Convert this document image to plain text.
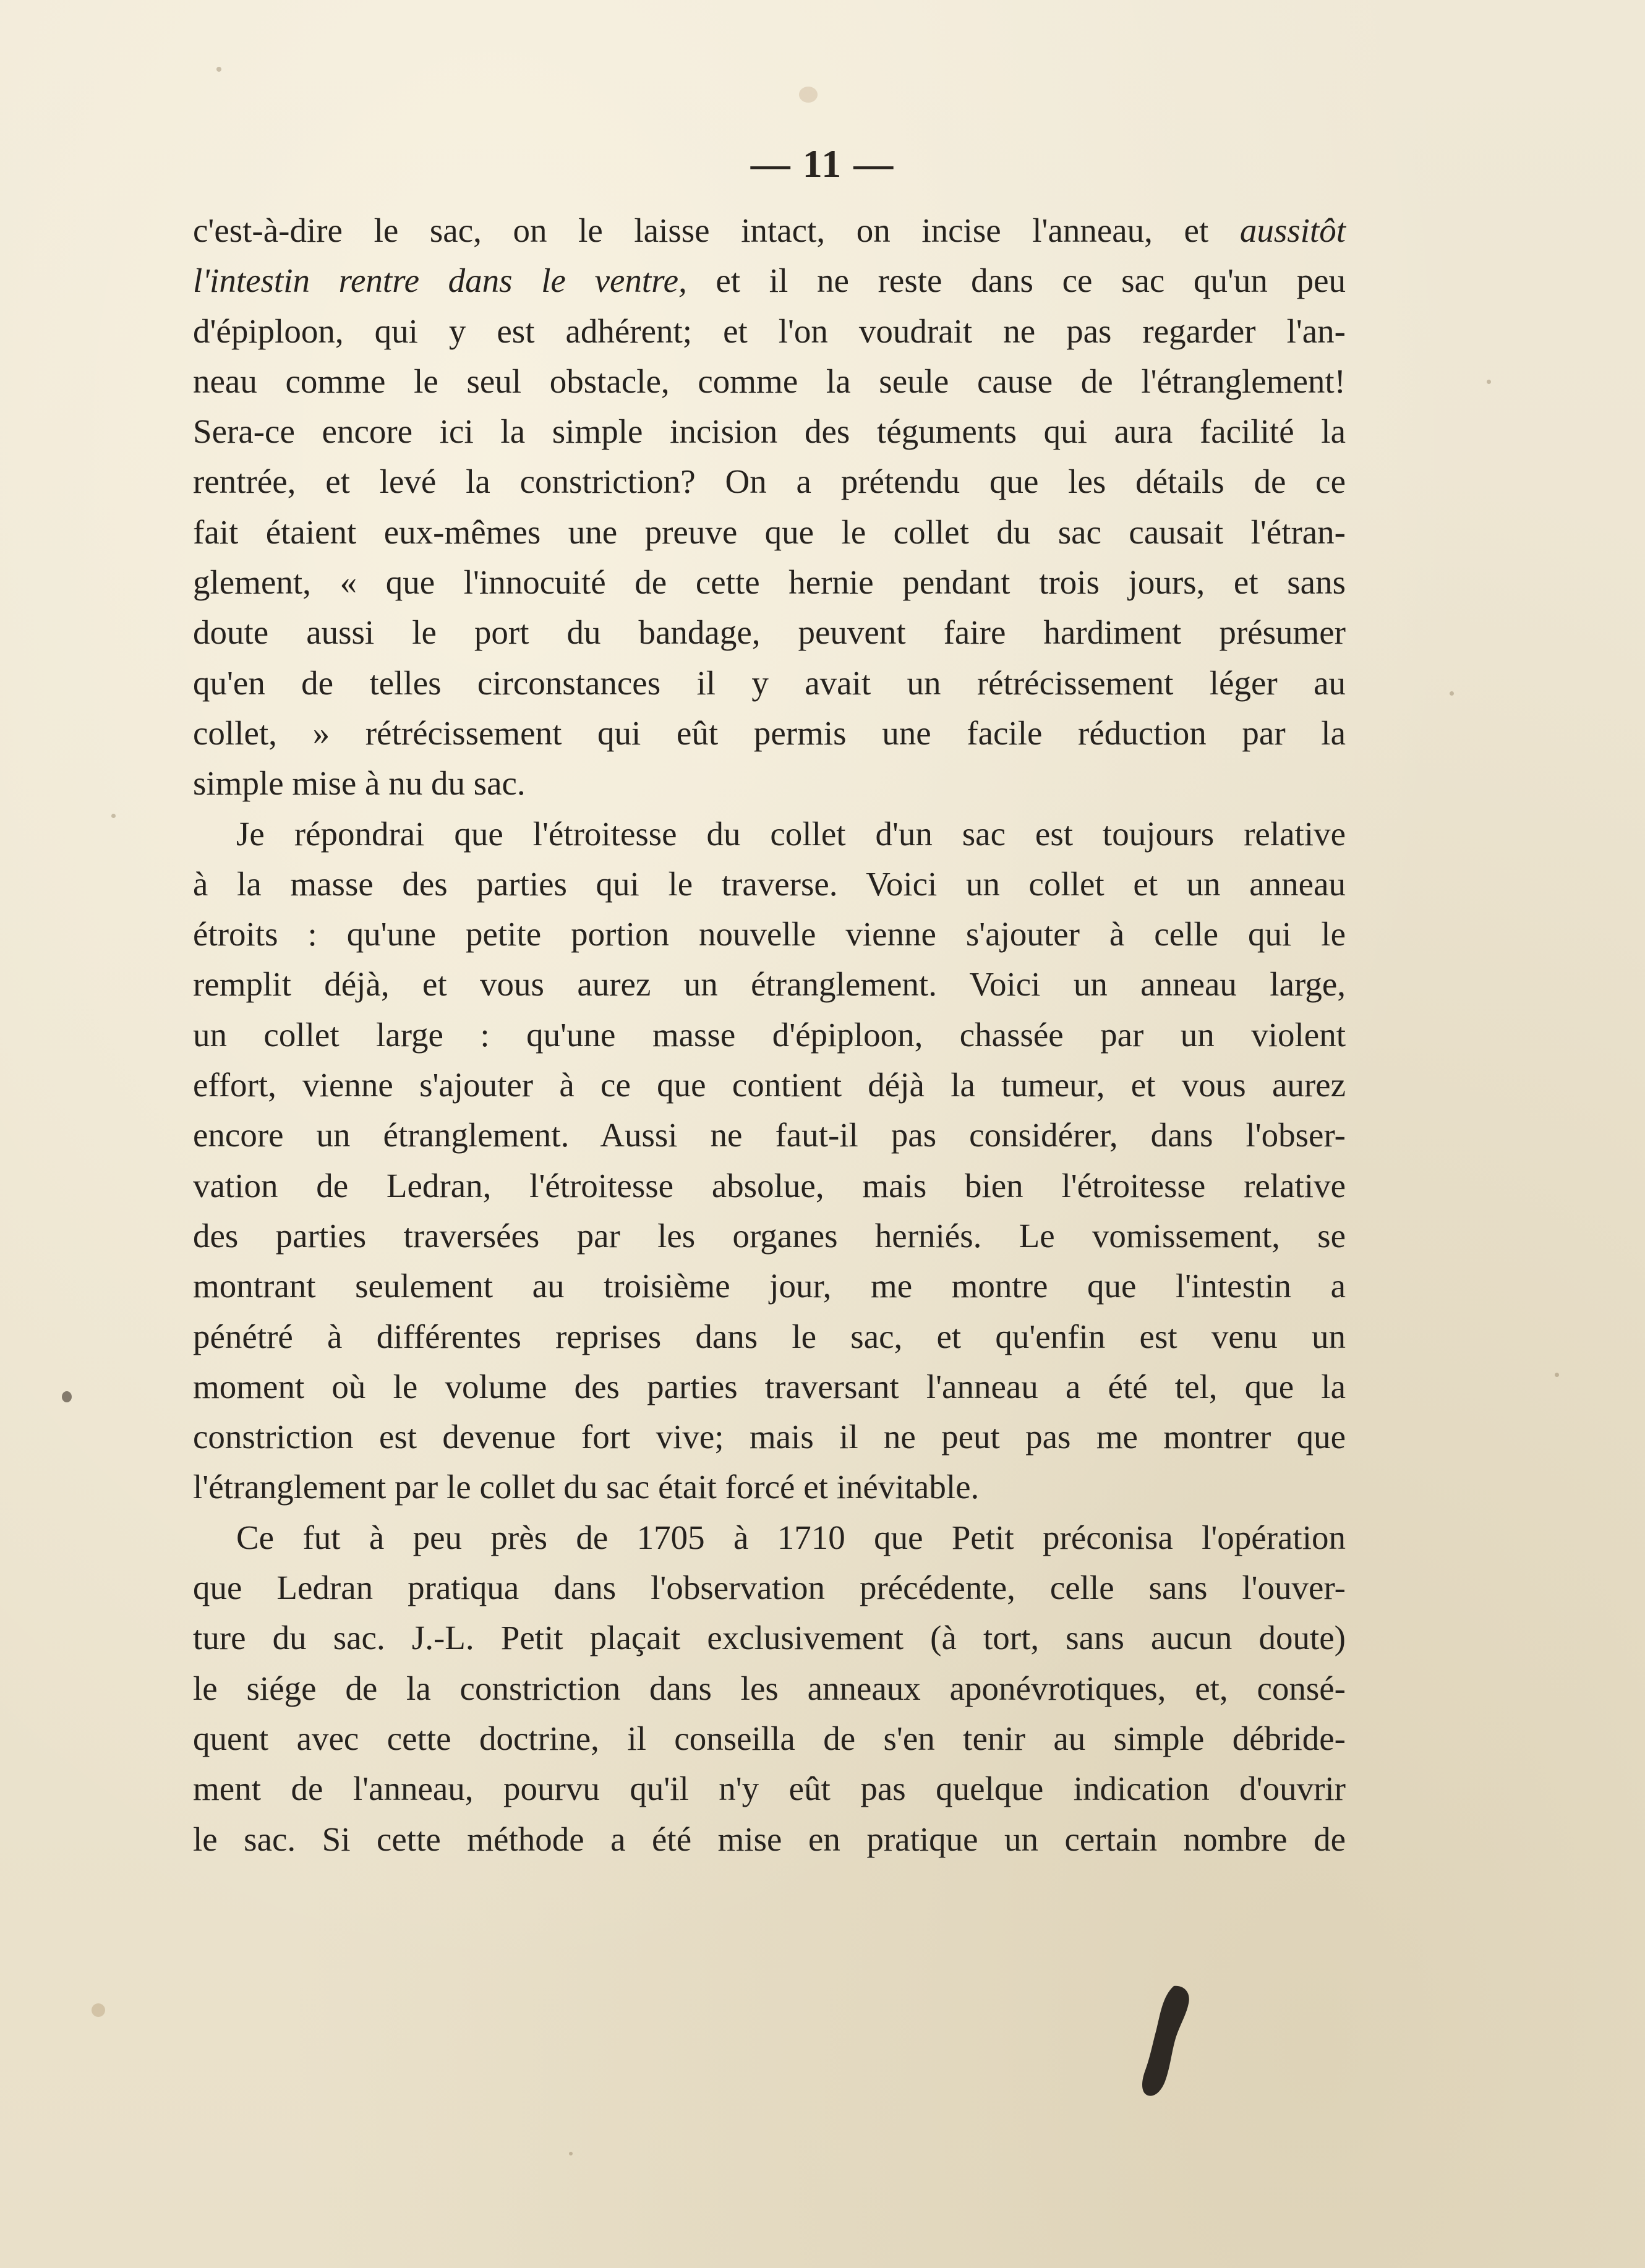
— 11 —
c'est-à-dire le sac, on le laisse intact, on incise l'anneau, et aussitôt
l'intestin rentre dans le ventre, et il ne reste dans ce sac qu'un peu
d'épiploon, qui y est adhérent; et l'on voudrait ne pas regarder l'an-
neau comme le seul obstacle, comme la seule cause de l'étranglement!
Sera-ce encore ici la simple incision des téguments qui aura facilité la
rentrée, et levé la constriction? On a prétendu que les détails de ce
fait étaient eux-mêmes une preuve que le collet du sac causait l'étran-
glement, « que l'innocuité de cette hernie pendant trois jours, et sans
doute aussi le port du bandage, peuvent faire hardiment présumer
qu'en de telles circonstances il y avait un rétrécissement léger au
collet, » rétrécissement qui eût permis une facile réduction par la
simple mise à nu du sac.
Je répondrai que l'étroitesse du collet d'un sac est toujours relative
à la masse des parties qui le traverse. Voici un collet et un anneau
étroits : qu'une petite portion nouvelle vienne s'ajouter à celle qui le
remplit déjà, et vous aurez un étranglement. Voici un anneau large,
un collet large : qu'une masse d'épiploon, chassée par un violent
effort, vienne s'ajouter à ce que contient déjà la tumeur, et vous aurez
encore un étranglement. Aussi ne faut-il pas considérer, dans l'obser-
vation de Ledran, l'étroitesse absolue, mais bien l'étroitesse relative
des parties traversées par les organes herniés. Le vomissement, se
montrant seulement au troisième jour, me montre que l'intestin a
pénétré à différentes reprises dans le sac, et qu'enfin est venu un
moment où le volume des parties traversant l'anneau a été tel, que la
constriction est devenue fort vive; mais il ne peut pas me montrer que
l'étranglement par le collet du sac était forcé et inévitable.
Ce fut à peu près de 1705 à 1710 que Petit préconisa l'opération
que Ledran pratiqua dans l'observation précédente, celle sans l'ouver-
ture du sac. J.-L. Petit plaçait exclusivement (à tort, sans aucun doute)
le siége de la constriction dans les anneaux aponévrotiques, et, consé-
quent avec cette doctrine, il conseilla de s'en tenir au simple débride-
ment de l'anneau, pourvu qu'il n'y eût pas quelque indication d'ouvrir
le sac. Si cette méthode a été mise en pratique un certain nombre de
